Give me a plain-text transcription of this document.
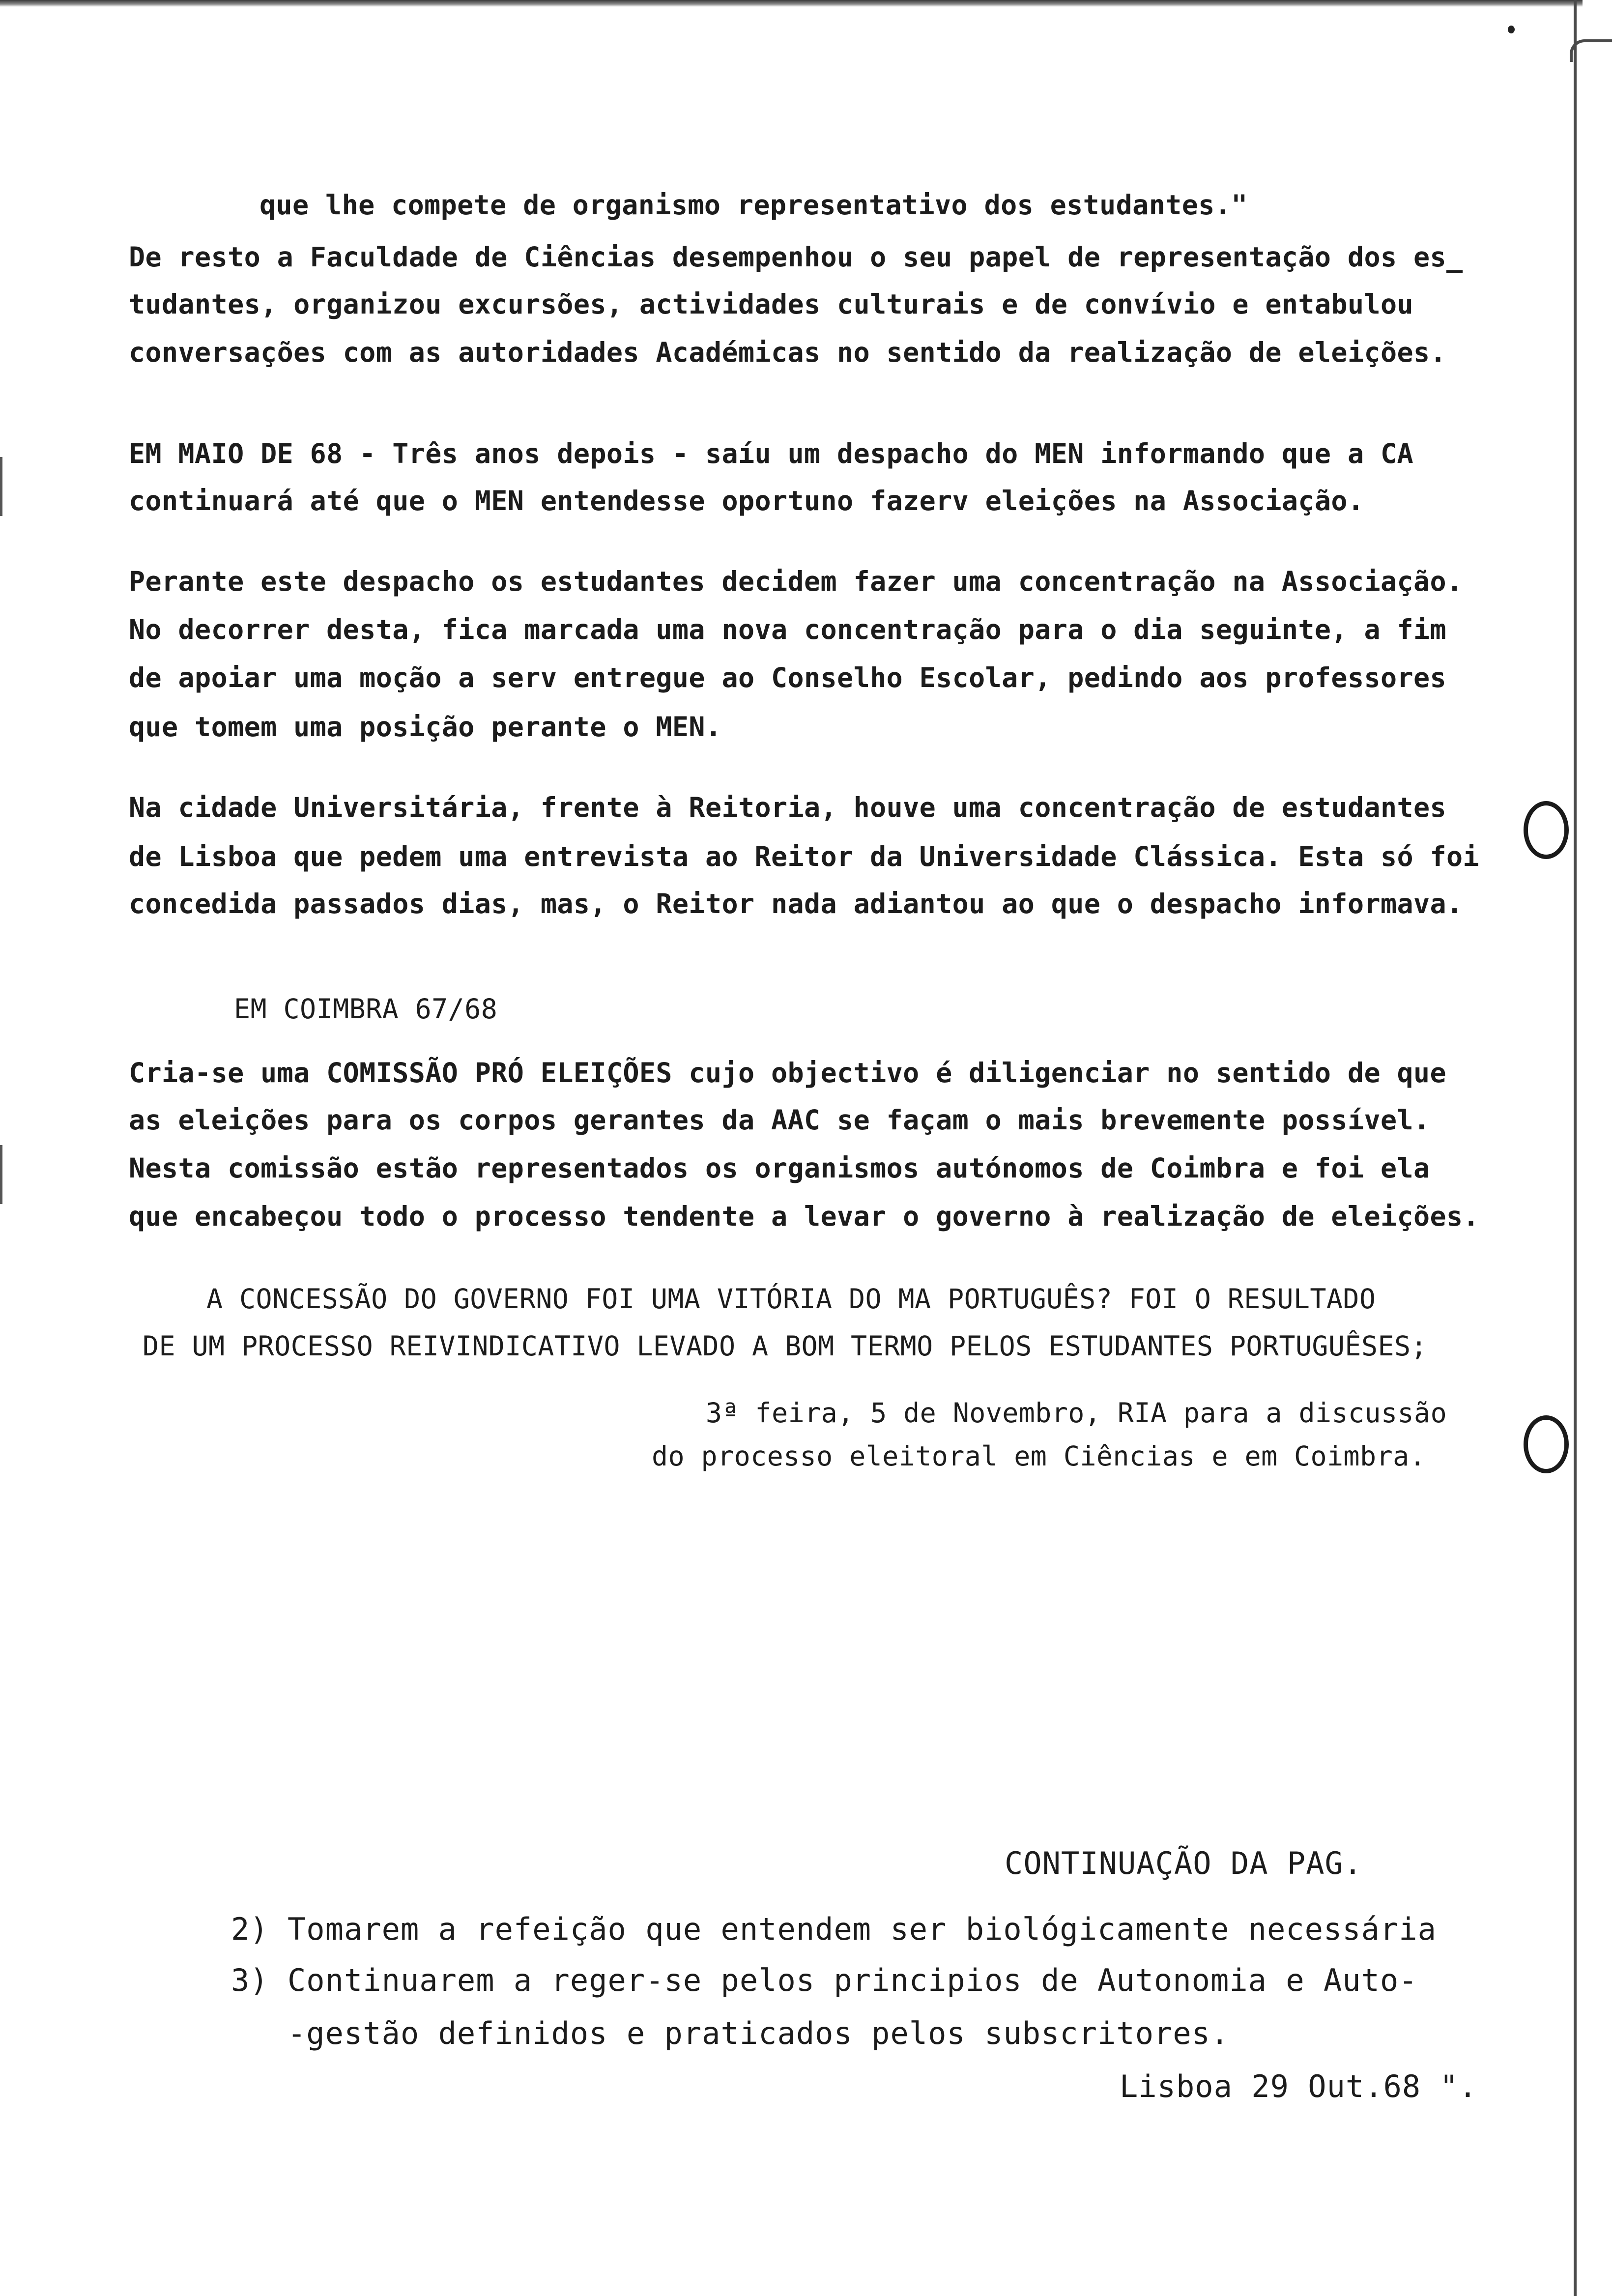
que lhe compete de organismo representativo dos estudantes."
De resto a Faculdade de Ciências desempenhou o seu papel de representação dos es_
tudantes, organizou excursões, actividades culturais e de convívio e entabulou
conversações com as autoridades Académicas no sentido da realização de eleições.
EM MAIO DE 68 - Três anos depois - saíu um despacho do MEN informando que a CA
continuará até que o MEN entendesse oportuno fazerv eleições na Associação.
Perante este despacho os estudantes decidem fazer uma concentração na Associação.
No decorrer desta, fica marcada uma nova concentração para o dia seguinte, a fim
de apoiar uma moção a serv entregue ao Conselho Escolar, pedindo aos professores
que tomem uma posição perante o MEN.
Na cidade Universitária, frente à Reitoria, houve uma concentração de estudantes
de Lisboa que pedem uma entrevista ao Reitor da Universidade Clássica. Esta só foi
concedida passados dias, mas, o Reitor nada adiantou ao que o despacho informava.
EM COIMBRA 67/68
Cria-se uma COMISSÃO PRÓ ELEIÇÕES cujo objectivo é diligenciar no sentido de que
as eleições para os corpos gerantes da AAC se façam o mais brevemente possível.
Nesta comissão estão representados os organismos autónomos de Coimbra e foi ela
que encabeçou todo o processo tendente a levar o governo à realização de eleições.
A CONCESSÃO DO GOVERNO FOI UMA VITÓRIA DO MA PORTUGUÊS? FOI O RESULTADO
DE UM PROCESSO REIVINDICATIVO LEVADO A BOM TERMO PELOS ESTUDANTES PORTUGUÊSES;
3ª feira, 5 de Novembro, RIA para a discussão
do processo eleitoral em Ciências e em Coimbra.
CONTINUAÇÃO DA PAG.
2) Tomarem a refeição que entendem ser biológicamente necessária
3) Continuarem a reger-se pelos principios de Autonomia e Auto-
-gestão definidos e praticados pelos subscritores.
Lisboa 29 Out.68 ".
